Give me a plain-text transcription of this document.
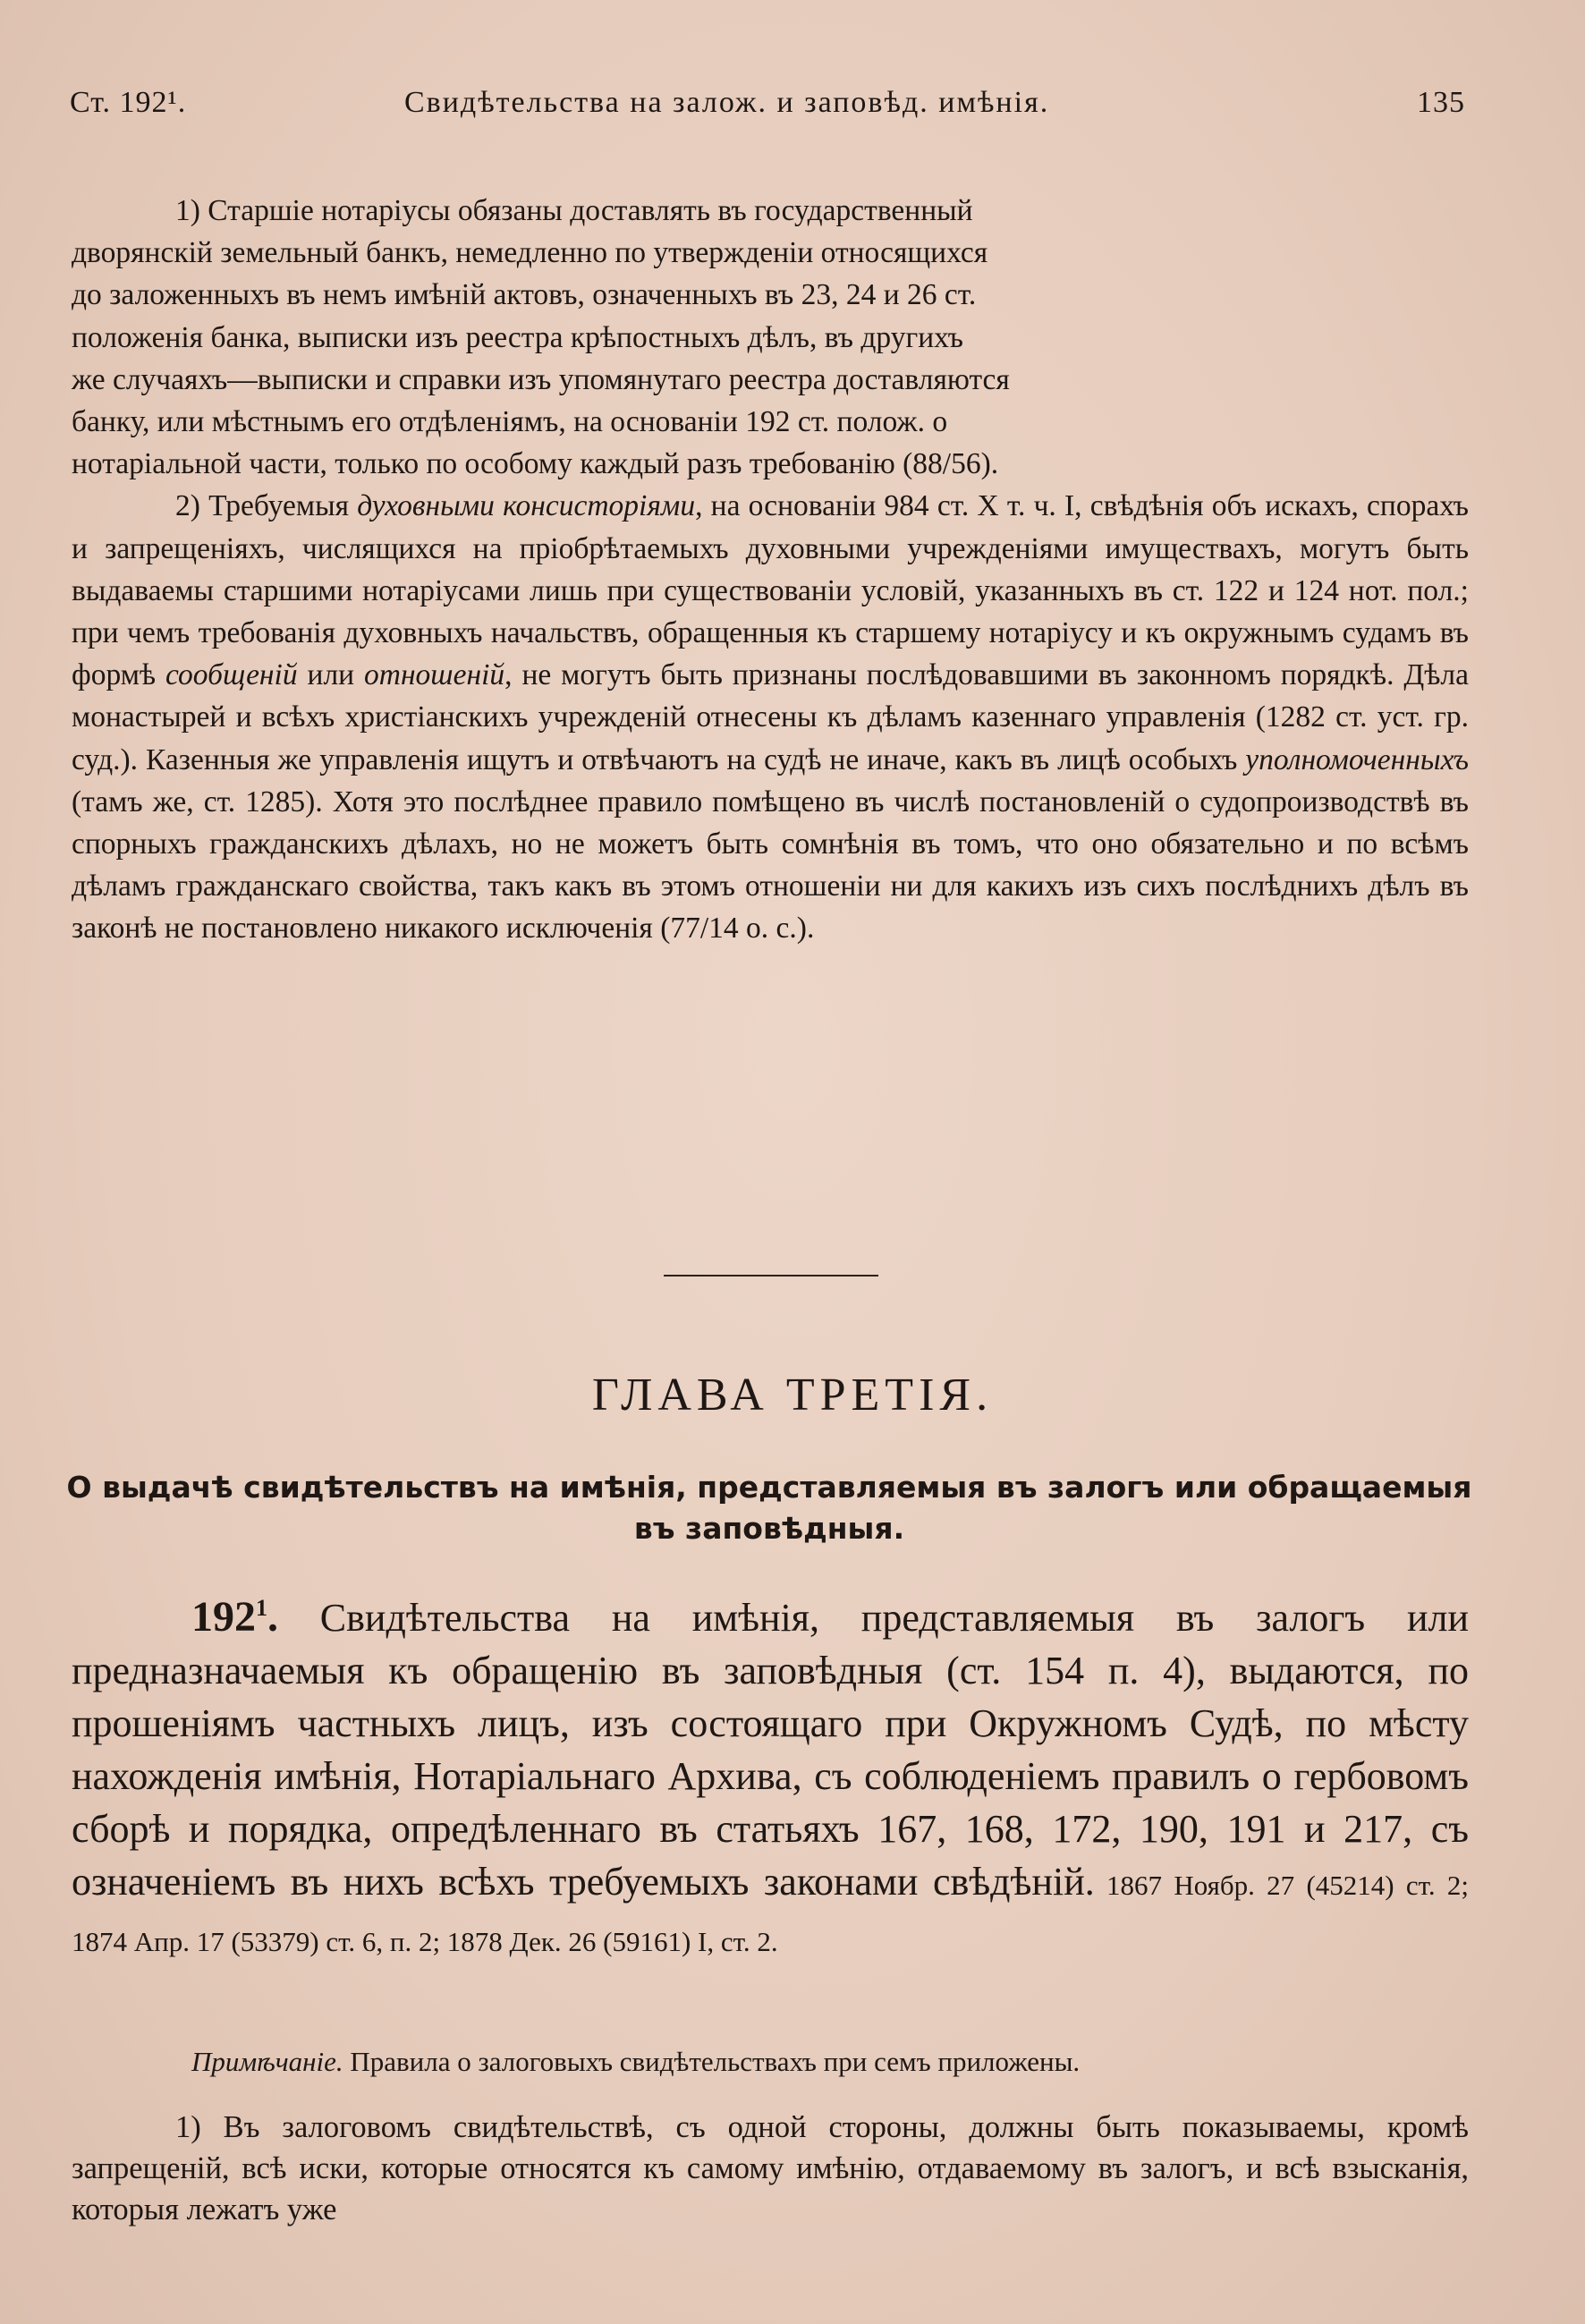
Ст. 192¹.	Свидѣтельства на залож. и заповѣд. имѣнія.	135

1) Старшіе нотаріусы обязаны доставлять въ государственный
дворянскій земельный банкъ, немедленно по утвержденіи относящихся
до заложенныхъ въ немъ имѣній актовъ, означенныхъ въ 23, 24 и 26 ст.
положенія банка, выписки изъ реестра крѣпостныхъ дѣлъ, въ другихъ
же случаяхъ—выписки и справки изъ упомянутаго реестра доставляются
банку, или мѣстнымъ его отдѣленіямъ, на основаніи 192 ст. полож. о
нотаріальной части, только по особому каждый разъ требованію (88/56).

2) Требуемыя духовными консисторіями, на основаніи 984 ст. X т. ч. I, свѣдѣнія объ искахъ, спорахъ и запрещеніяхъ, числящихся на пріобрѣтаемыхъ духовными учрежденіями имуществахъ, могутъ быть выдаваемы старшими нотаріусами лишь при существованіи условій, указанныхъ въ ст. 122 и 124 нот. пол.; при чемъ требованія духовныхъ начальствъ, обращенныя къ старшему нотаріусу и къ окружнымъ судамъ въ формѣ сообщеній или отношеній, не могутъ быть признаны послѣдовавшими въ законномъ порядкѣ. Дѣла монастырей и всѣхъ христіанскихъ учрежденій отнесены къ дѣламъ казеннаго управленія (1282 ст. уст. гр. суд.). Казенныя же управленія ищутъ и отвѣчаютъ на судѣ не иначе, какъ въ лицѣ особыхъ уполномоченныхъ (тамъ же, ст. 1285). Хотя это послѣднее правило помѣщено въ числѣ постановленій о судопроизводствѣ въ спорныхъ гражданскихъ дѣлахъ, но не можетъ быть сомнѣнія въ томъ, что оно обязательно и по всѣмъ дѣламъ гражданскаго свойства, такъ какъ въ этомъ отношеніи ни для какихъ изъ сихъ послѣднихъ дѣлъ въ законѣ не постановлено никакого исключенія (77/14 о. с.).

ГЛАВА ТРЕТІЯ.
О выдачѣ свидѣтельствъ на имѣнія, представляемыя въ залогъ или обращаемыя въ заповѣдныя.

$192^1$. Свидѣтельства на имѣнія, представляемыя въ залогъ или предназначаемыя къ обращенію въ заповѣдныя (ст. 154 п. 4), выдаются, по прошеніямъ частныхъ лицъ, изъ состоящаго при Окружномъ Судѣ, по мѣсту нахожденія имѣнія, Нотаріальнаго Архива, съ соблюденіемъ правилъ о гербовомъ сборѣ и порядка, опредѣленнаго въ статьяхъ 167, 168, 172, 190, 191 и 217, съ означеніемъ въ нихъ всѣхъ требуемыхъ законами свѣдѣній. 1867 Ноябр. 27 (45214) ст. 2; 1874 Апр. 17 (53379) ст. 6, п. 2; 1878 Дек. 26 (59161) I, ст. 2.

Примѣчаніе. Правила о залоговыхъ свидѣтельствахъ при семъ приложены.

1) Въ залоговомъ свидѣтельствѣ, съ одной стороны, должны быть показываемы, кромѣ запрещеній, всѣ иски, которые относятся къ самому имѣнію, отдаваемому въ залогъ, и всѣ взысканія, которыя лежатъ уже
